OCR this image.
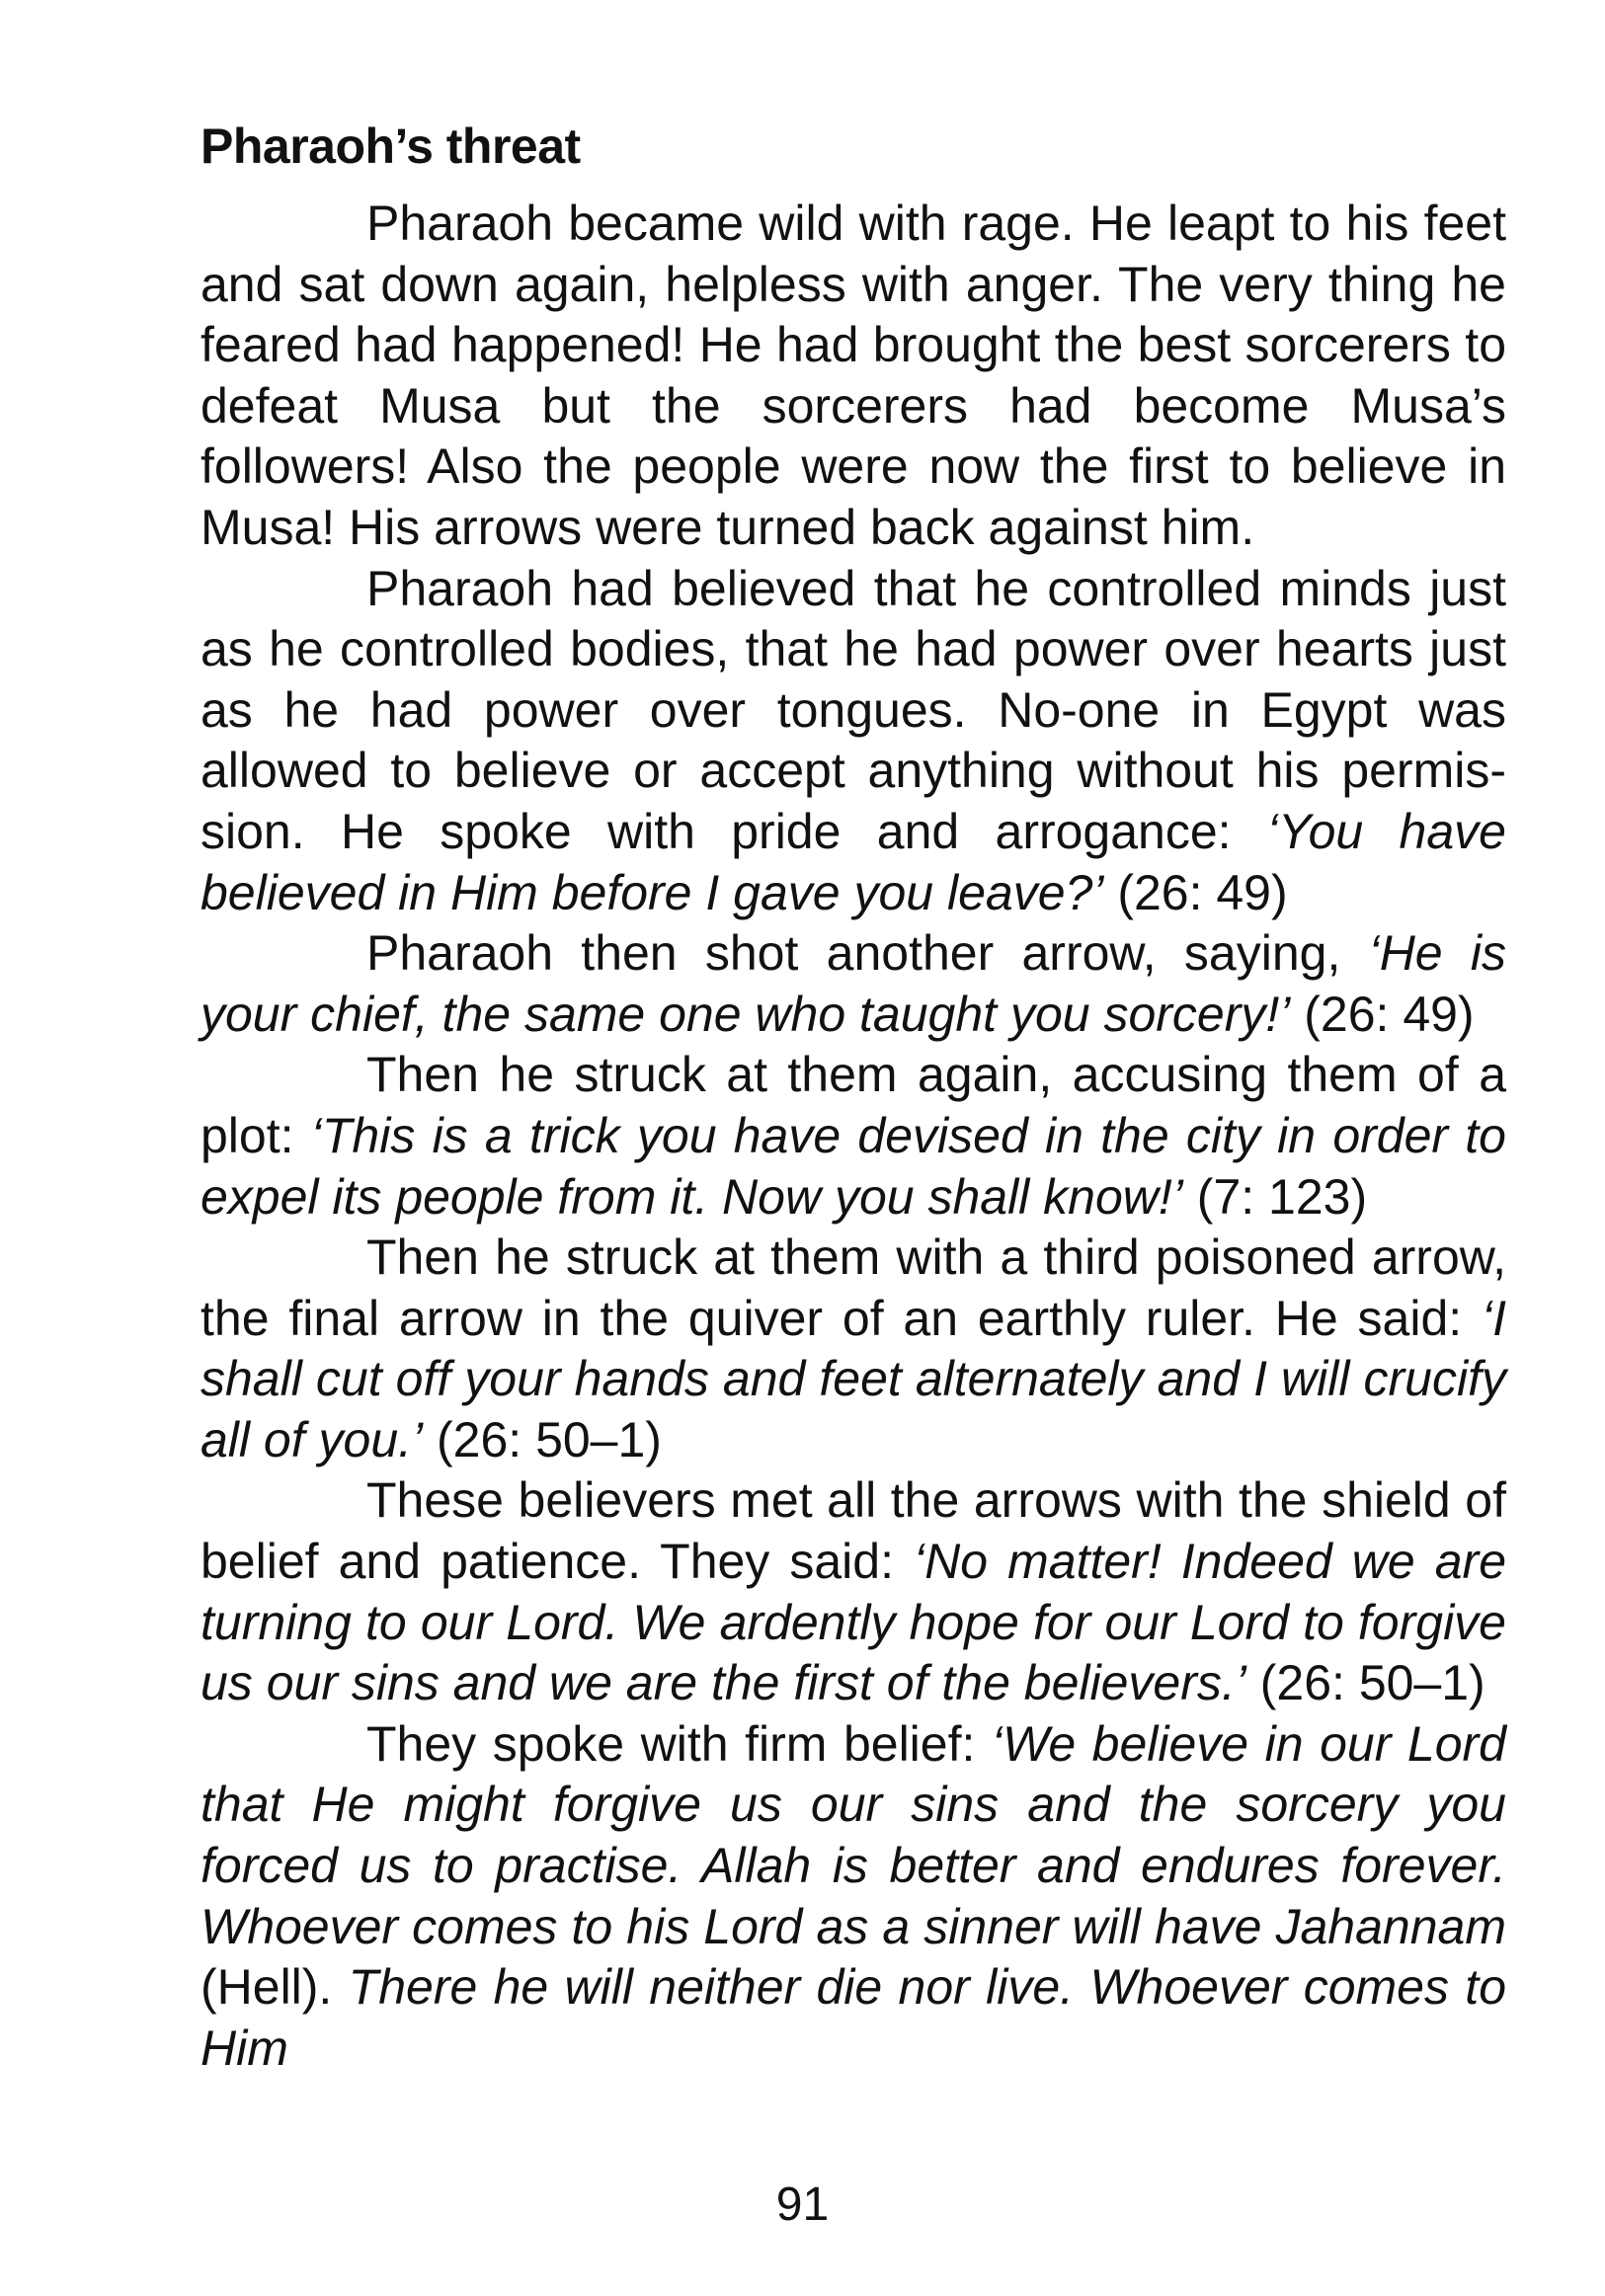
Pharaoh’s threat

Pharaoh became wild with rage. He leapt to his feet and sat down again, helpless with anger. The very thing he feared had happened! He had brought the best sorcerers to defeat Musa but the sorcerers had become Musa’s followers! Also the people were now the first to believe in Musa! His arrows were turned back against him.

Pharaoh had believed that he controlled minds just as he controlled bodies, that he had power over hearts just as he had power over tongues. No-one in Egypt was allowed to believe or accept anything without his permission. He spoke with pride and arrogance: ‘You have believed in Him before I gave you leave?’ (26: 49)

Pharaoh then shot another arrow, saying, ‘He is your chief, the same one who taught you sorcery!’ (26: 49)

Then he struck at them again, accusing them of a plot: ‘This is a trick you have devised in the city in order to expel its people from it. Now you shall know!’ (7: 123)

Then he struck at them with a third poisoned arrow, the final arrow in the quiver of an earthly ruler. He said: ‘I shall cut off your hands and feet alternately and I will crucify all of you.’ (26: 50–1)

These believers met all the arrows with the shield of belief and patience. They said: ‘No matter! Indeed we are turning to our Lord. We ardently hope for our Lord to forgive us our sins and we are the first of the believers.’ (26: 50–1)

They spoke with firm belief: ‘We believe in our Lord that He might forgive us our sins and the sorcery you forced us to practise. Allah is better and endures forever. Whoever comes to his Lord as a sinner will have Jahannam (Hell). There he will neither die nor live. Whoever comes to Him

91
